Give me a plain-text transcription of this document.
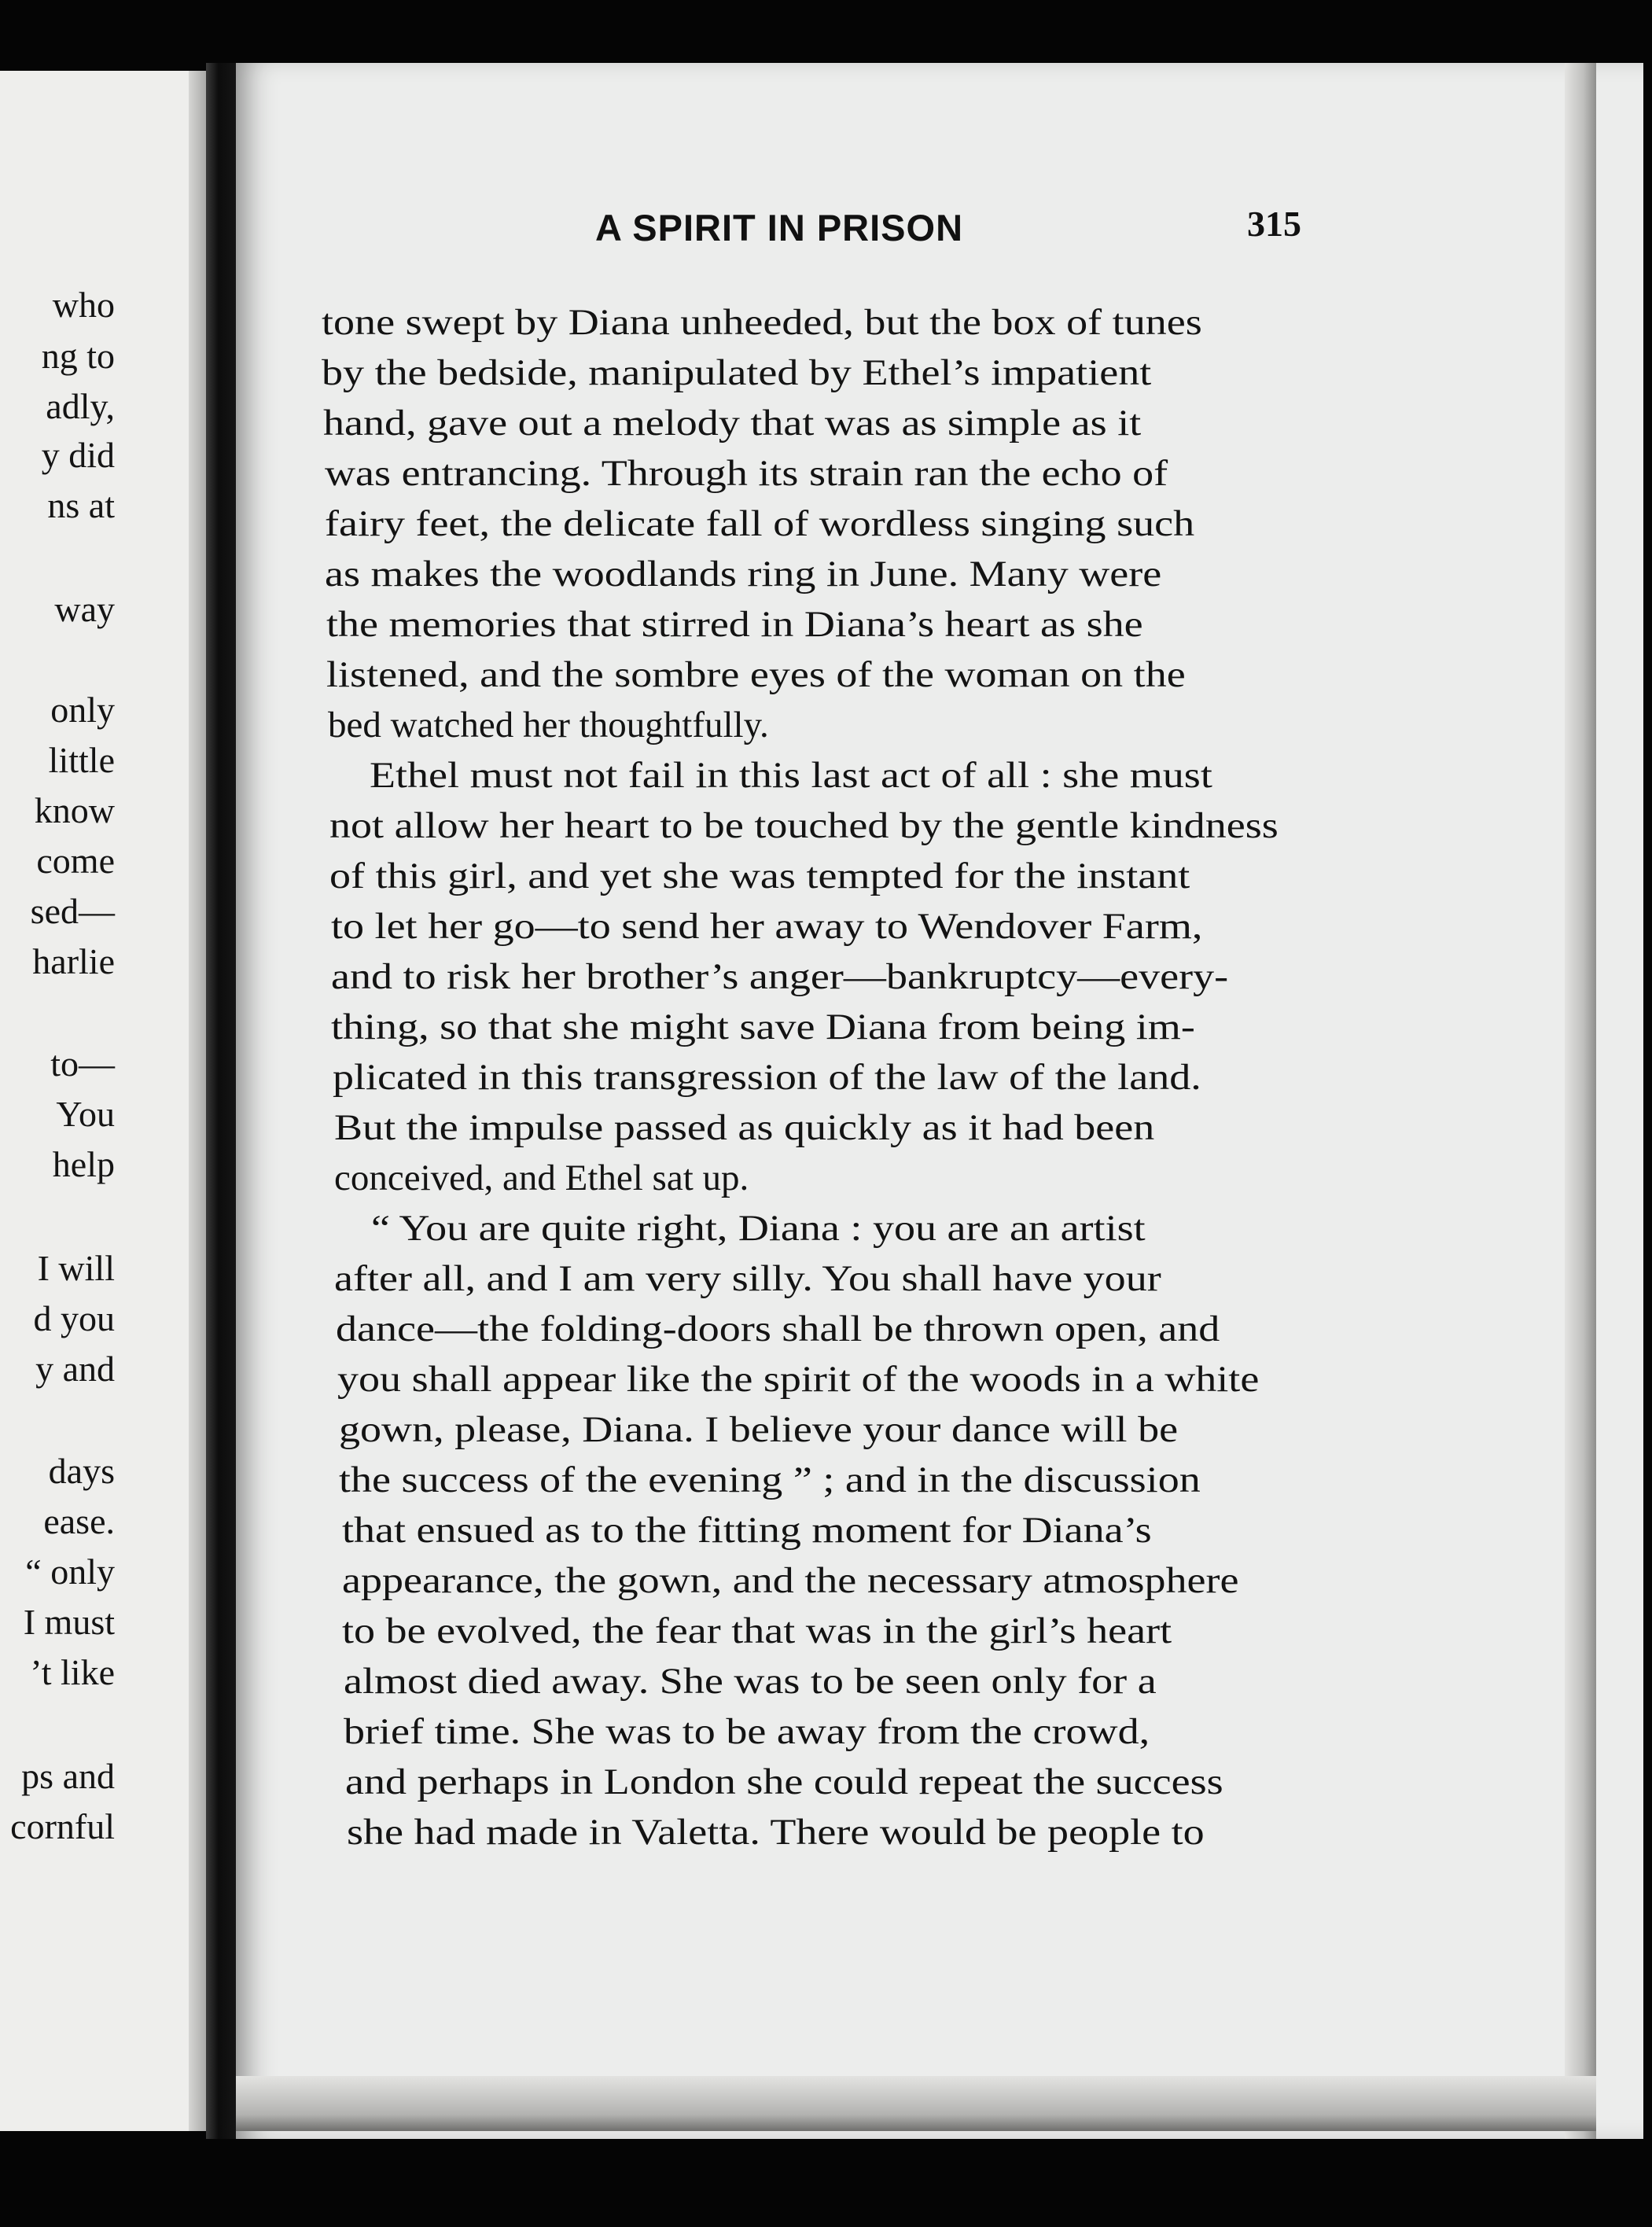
who
ng to
adly,
y did
ns at
way
only
little
know
come
sed—
harlie
to—
You
help
I will
d you
y and
days
ease.
“ only
I must
’t like
ps and
cornful
A SPIRIT IN PRISON	315
tone swept by Diana unheeded, but the box of tunes
by the bedside, manipulated by Ethel’s impatient
hand, gave out a melody that was as simple as it
was entrancing. Through its strain ran the echo of
fairy feet, the delicate fall of wordless singing such
as makes the woodlands ring in June. Many were
the memories that stirred in Diana’s heart as she
listened, and the sombre eyes of the woman on the
bed watched her thoughtfully.
Ethel must not fail in this last act of all : she must
not allow her heart to be touched by the gentle kindness
of this girl, and yet she was tempted for the instant
to let her go—to send her away to Wendover Farm,
and to risk her brother’s anger—bankruptcy—every-
thing, so that she might save Diana from being im-
plicated in this transgression of the law of the land.
But the impulse passed as quickly as it had been
conceived, and Ethel sat up.
“ You are quite right, Diana : you are an artist
after all, and I am very silly. You shall have your
dance—the folding-doors shall be thrown open, and
you shall appear like the spirit of the woods in a white
gown, please, Diana. I believe your dance will be
the success of the evening ” ; and in the discussion
that ensued as to the fitting moment for Diana’s
appearance, the gown, and the necessary atmosphere
to be evolved, the fear that was in the girl’s heart
almost died away. She was to be seen only for a
brief time. She was to be away from the crowd,
and perhaps in London she could repeat the success
she had made in Valetta. There would be people to
